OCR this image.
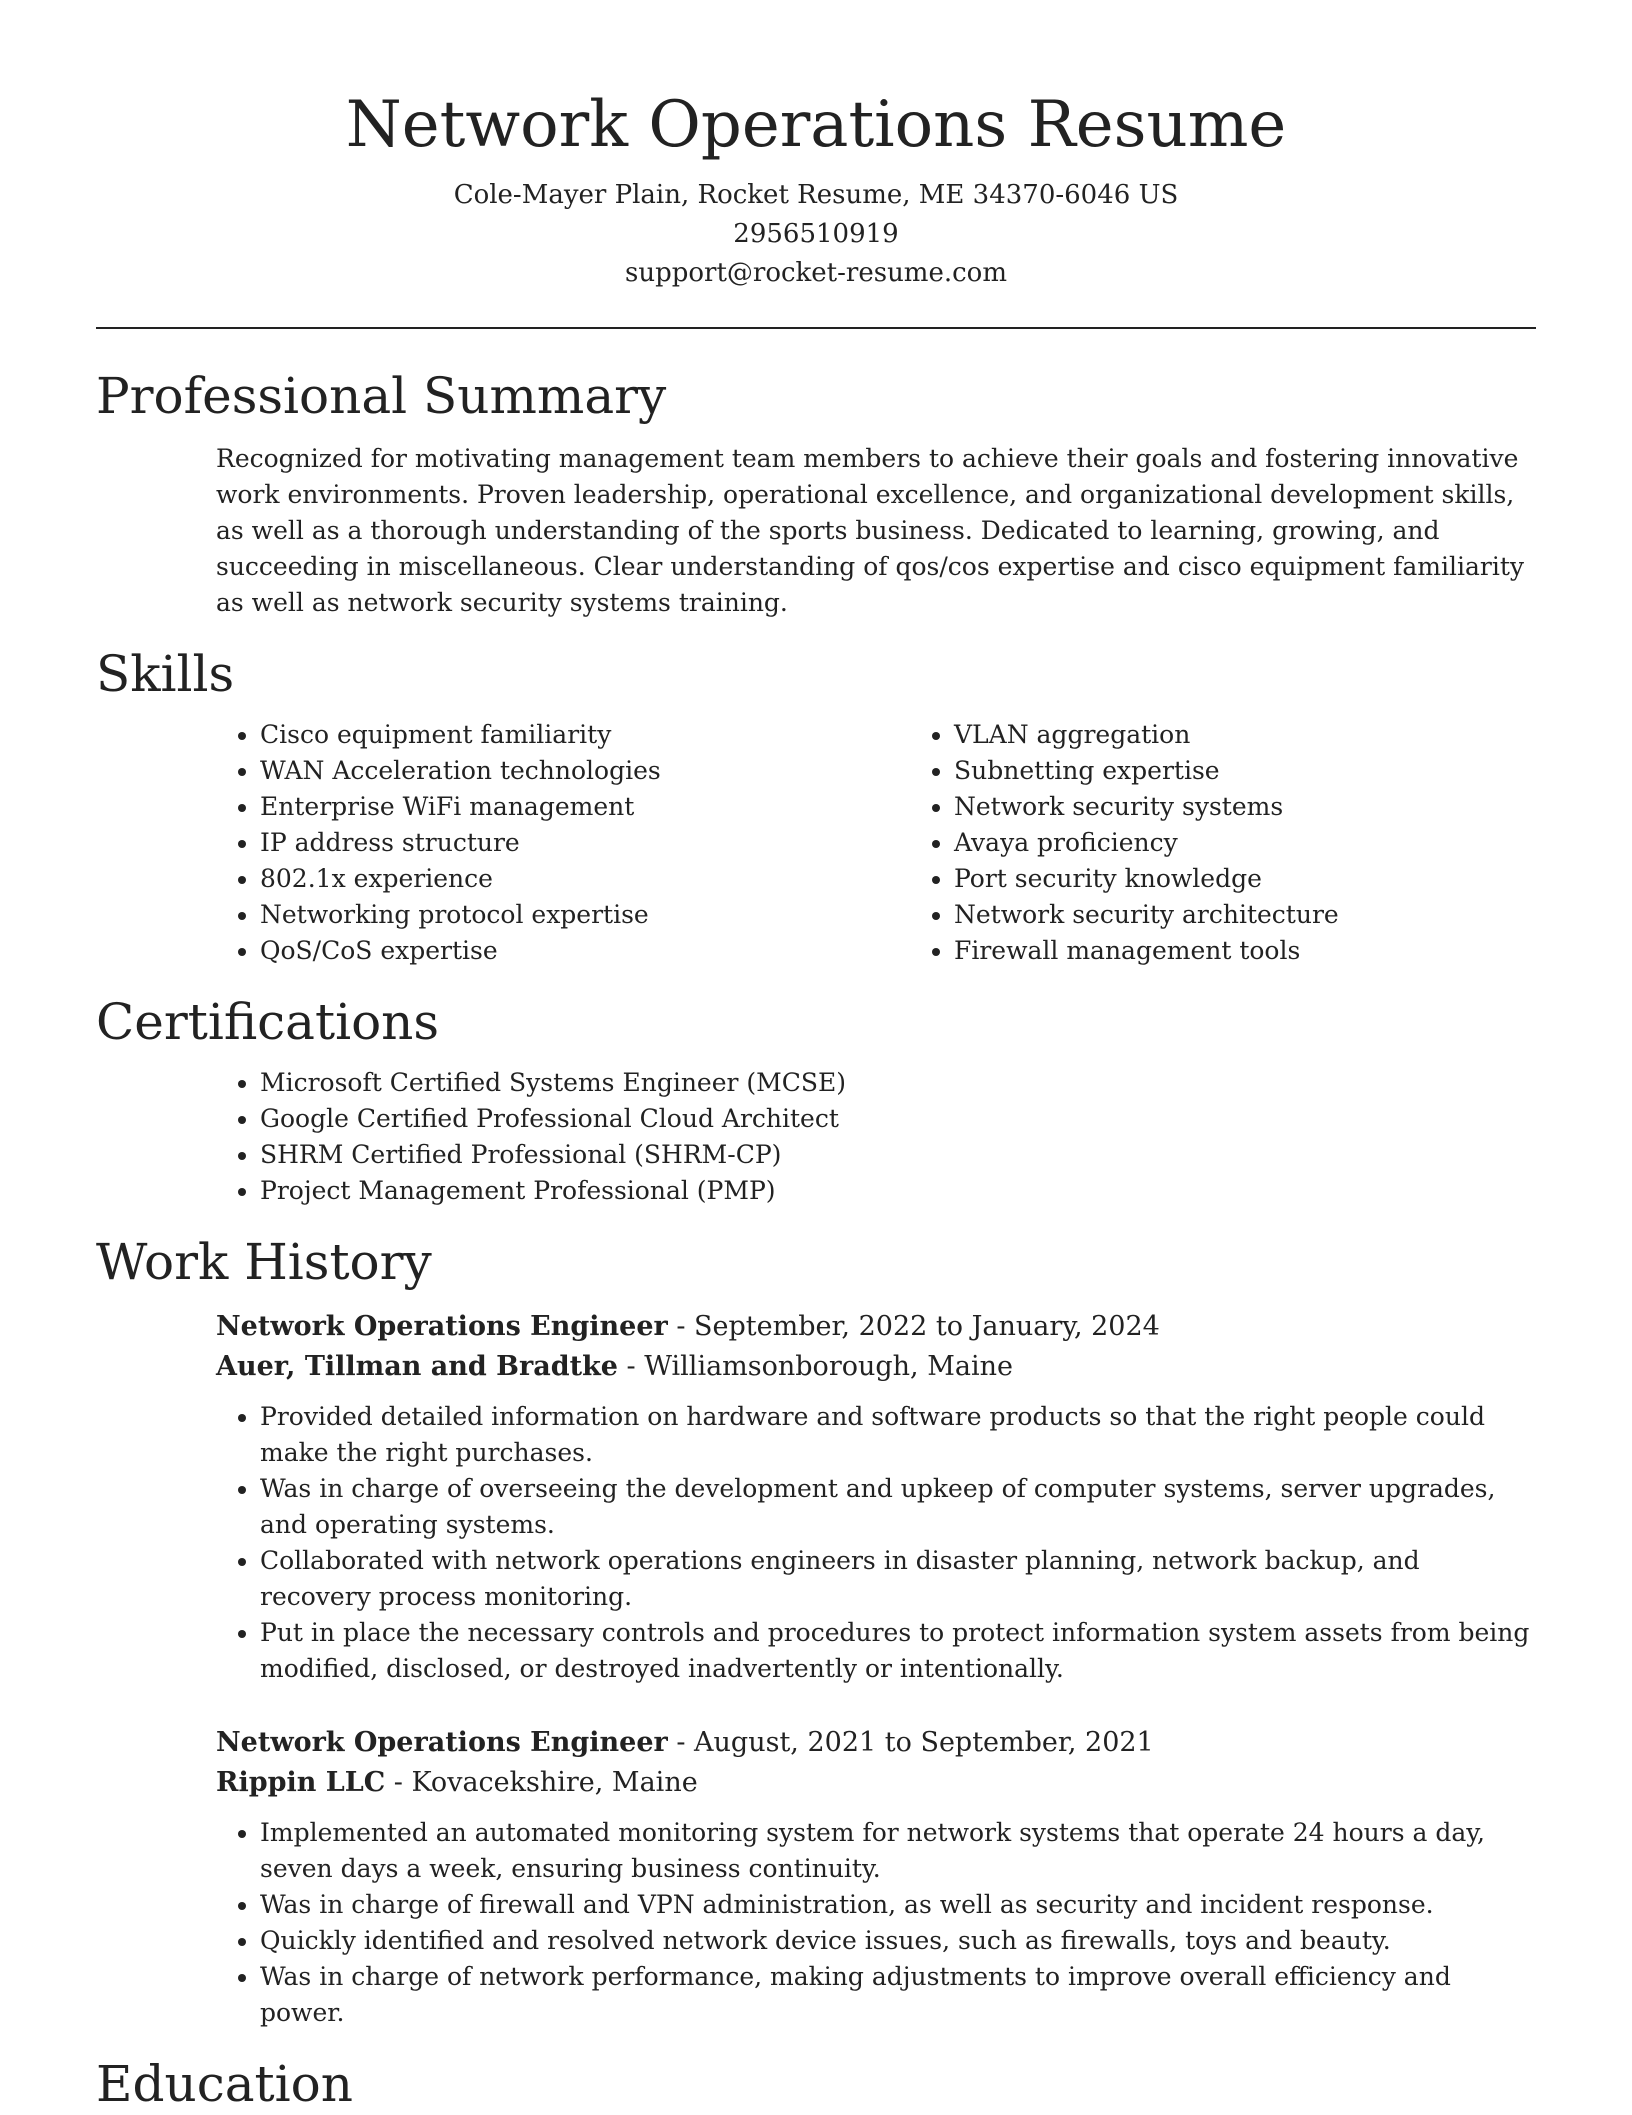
Network Operations Resume
Cole-Mayer Plain, Rocket Resume, ME 34370-6046 US
2956510919
support@rocket-resume.com
Professional Summary

Recognized for motivating management team members to achieve their goals and fostering innovative work environments. Proven leadership, operational excellence, and organizational development skills, as well as a thorough understanding of the sports business. Dedicated to learning, growing, and succeeding in miscellaneous. Clear understanding of qos/cos expertise and cisco equipment familiarity as well as network security systems training.

Skills
• Cisco equipment familiarity
• WAN Acceleration technologies
• Enterprise WiFi management
• IP address structure
• 802.1x experience
• Networking protocol expertise
• QoS/CoS expertise
• VLAN aggregation
• Subnetting expertise
• Network security systems
• Avaya proficiency
• Port security knowledge
• Network security architecture
• Firewall management tools
Certifications
• Microsoft Certified Systems Engineer (MCSE)
• Google Certified Professional Cloud Architect
• SHRM Certified Professional (SHRM-CP)
• Project Management Professional (PMP)
Work History
Network Operations Engineer - September, 2022 to January, 2024
Auer, Tillman and Bradtke - Williamsonborough, Maine
• Provided detailed information on hardware and software products so that the right people could make the right purchases.
• Was in charge of overseeing the development and upkeep of computer systems, server upgrades, and operating systems.
• Collaborated with network operations engineers in disaster planning, network backup, and recovery process monitoring.
• Put in place the necessary controls and procedures to protect information system assets from being modified, disclosed, or destroyed inadvertently or intentionally.
Network Operations Engineer - August, 2021 to September, 2021
Rippin LLC - Kovacekshire, Maine
• Implemented an automated monitoring system for network systems that operate 24 hours a day, seven days a week, ensuring business continuity.
• Was in charge of firewall and VPN administration, as well as security and incident response.
• Quickly identified and resolved network device issues, such as firewalls, toys and beauty.
• Was in charge of network performance, making adjustments to improve overall efficiency and power.
Education
